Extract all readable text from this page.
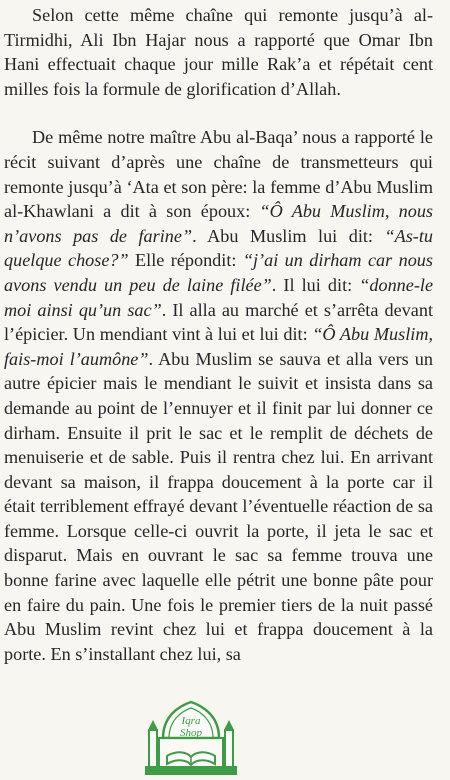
Selon cette même chaîne qui remonte jusqu’à al-Tirmidhi, Ali Ibn Hajar nous a rapporté que Omar Ibn Hani effectuait chaque jour mille Rak’a et répétait cent milles fois la formule de glorification d’Allah.

De même notre maître Abu al-Baqa’ nous a rapporté le récit suivant d’après une chaîne de transmetteurs qui remonte jusqu’à ‘Ata et son père: la femme d’Abu Muslim al-Khawlani a dit à son époux: “Ô Abu Muslim, nous n’avons pas de farine”. Abu Muslim lui dit: “As-tu quelque chose?” Elle répondit: “j’ai un dirham car nous avons vendu un peu de laine filée”. Il lui dit: “donne-le moi ainsi qu’un sac”. Il alla au marché et s’arrêta devant l’épicier. Un mendiant vint à lui et lui dit: “Ô Abu Muslim, fais-moi l’aumône”. Abu Muslim se sauva et alla vers un autre épicier mais le mendiant le suivit et insista dans sa demande au point de l’ennuyer et il finit par lui donner ce dirham. Ensuite il prit le sac et le remplit de déchets de menuiserie et de sable. Puis il rentra chez lui. En arrivant devant sa maison, il frappa doucement à la porte car il était terriblement effrayé devant l’éventuelle réaction de sa femme. Lorsque celle-ci ouvrit la porte, il jeta le sac et disparut. Mais en ouvrant le sac sa femme trouva une bonne farine avec laquelle elle pétrit une bonne pâte pour en faire du pain. Une fois le premier tiers de la nuit passé Abu Muslim revint chez lui et frappa doucement à la porte. En s’installant chez lui, sa

Iqra
Shop
